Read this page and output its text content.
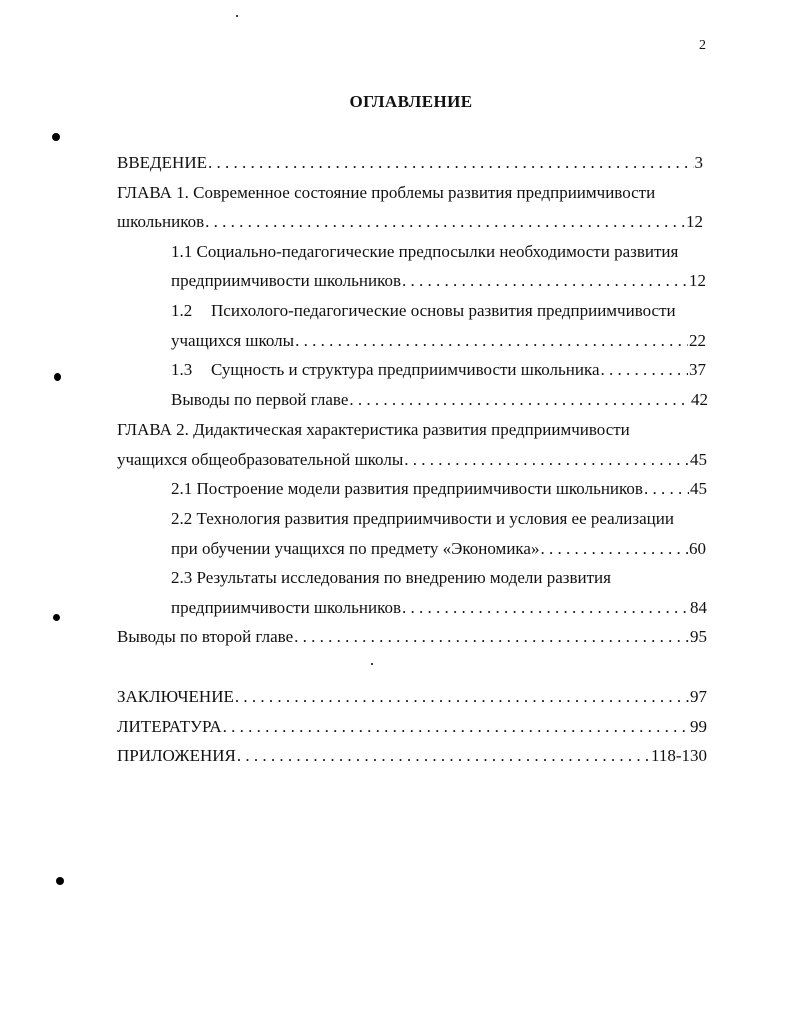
2
ОГЛАВЛЕНИЕ
ВВЕДЕНИЕ . . .	3
ГЛАВА 1. Современное состояние проблемы развития предприимчивости
школьников . . .	12
1.1 Социально-педагогические предпосылки необходимости развития
предприимчивости школьников . . .	12
1.2 Психолого-педагогические основы развития предприимчивости
учащихся школы . . .	22
1.3 Сущность и структура предприимчивости школьника . . .	37
Выводы по первой главе . . .	42
ГЛАВА 2. Дидактическая характеристика развития предприимчивости
учащихся общеобразовательной школы . . .	45
2.1 Построение модели развития предприимчивости школьников . . .	45
2.2 Технология развития предприимчивости и условия ее реализации
при обучении учащихся по предмету «Экономика» . . .	60
2.3 Результаты исследования по внедрению модели развития
предприимчивости школьников . . .	84
Выводы по второй главе . . .	95
ЗАКЛЮЧЕНИЕ . . .	97
ЛИТЕРАТУРА . . .	99
ПРИЛОЖЕНИЯ . . .	118-130
